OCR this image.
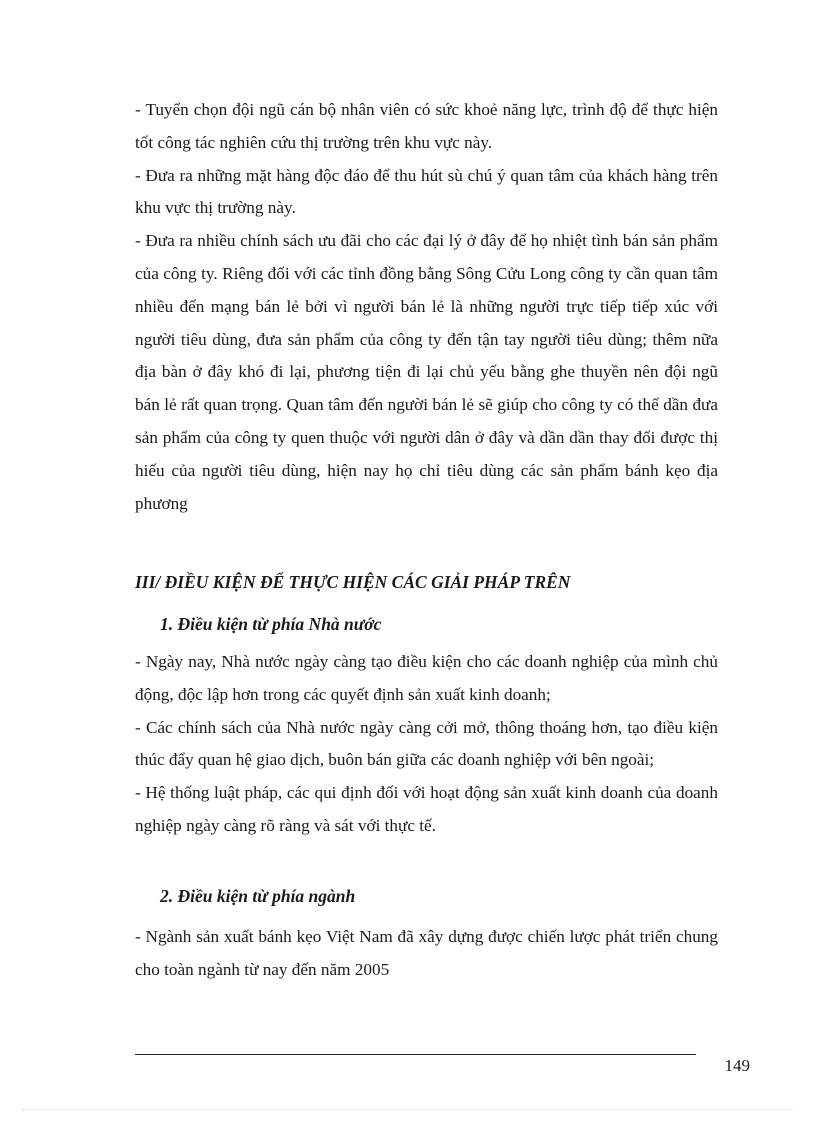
- Tuyển chọn đội ngũ cán bộ nhân viên có sức khoẻ năng lực, trình độ để thực hiện tốt công tác nghiên cứu thị trường trên khu vực này.

- Đưa ra những mặt hàng độc đáo để thu hút sù chú ý quan tâm của khách hàng trên khu vực thị trường này.

- Đưa ra nhiều chính sách ưu đãi cho các đại lý ở đây để họ nhiệt tình bán sản phẩm của công ty. Riêng đối với các tỉnh đồng bằng Sông Cửu Long công ty cần quan tâm nhiều đến mạng bán lẻ bởi vì người bán lẻ là những người trực tiếp tiếp xúc với người tiêu dùng, đưa sản phẩm của công ty đến tận tay người tiêu dùng; thêm nữa địa bàn ở đây khó đi lại, phương tiện đi lại chủ yếu bằng ghe thuyền nên đội ngũ bán lẻ rất quan trọng. Quan tâm đến người bán lẻ sẽ giúp cho công ty có thể dần đưa sản phẩm của công ty quen thuộc với người dân ở đây và dần dần thay đổi được thị hiếu của người tiêu dùng, hiện nay họ chỉ tiêu dùng các sản phẩm bánh kẹo địa phương

III/ ĐIỀU KIỆN ĐỂ THỰC HIỆN CÁC GIẢI PHÁP TRÊN
1. Điều kiện từ phía Nhà nước

- Ngày nay, Nhà nước ngày càng tạo điều kiện cho các doanh nghiệp của mình chủ động, độc lập hơn trong các quyết định sản xuất kinh doanh;

- Các chính sách của Nhà nước ngày càng cởi mở, thông thoáng hơn, tạo điều kiện thúc đẩy quan hệ giao dịch, buôn bán giữa các doanh nghiệp với bên ngoài;

- Hệ thống luật pháp, các qui định đối với hoạt động sản xuất kinh doanh của doanh nghiệp ngày càng rõ ràng và sát với thực tế.

2. Điều kiện từ phía ngành

- Ngành sản xuất bánh kẹo Việt Nam đã xây dựng được chiến lược phát triển chung cho toàn ngành từ nay đến năm 2005

149
